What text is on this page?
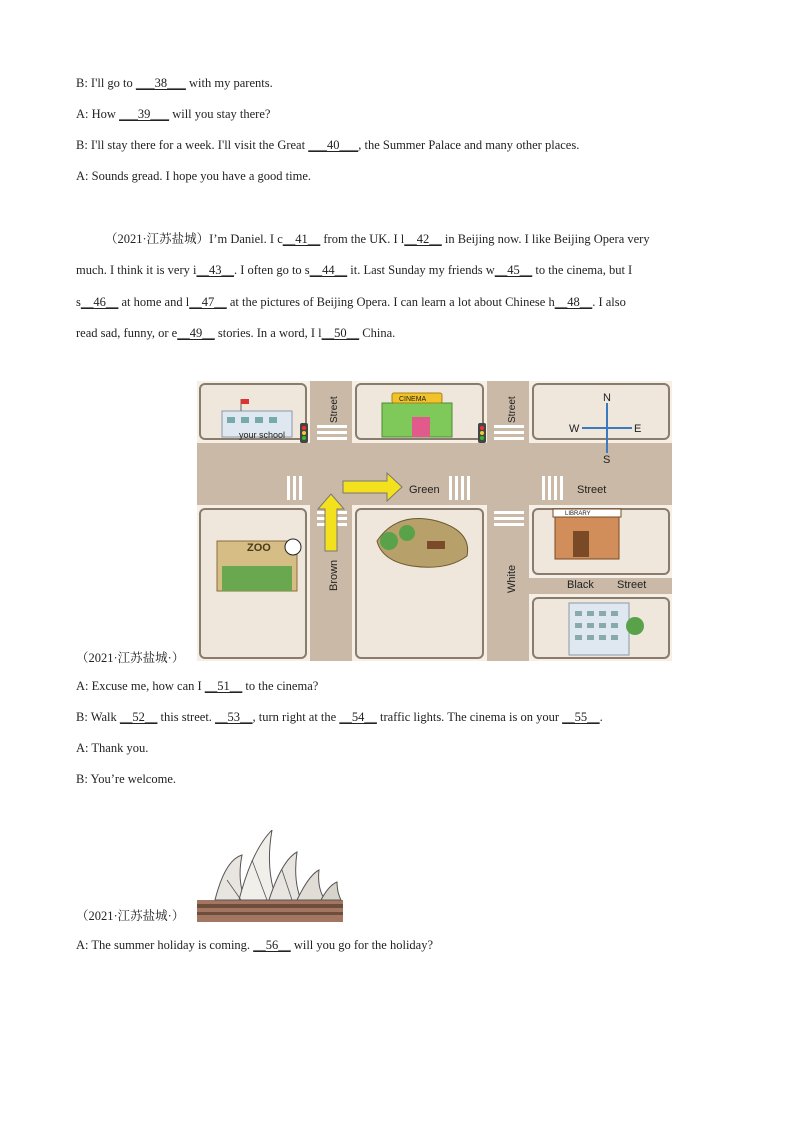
B: I'll go to ___38___ with my parents.
A: How ___39___ will you stay there?
B: I'll stay there for a week. I'll visit the Great ___40___, the Summer Palace and many other places.
A: Sounds gread. I hope you have a good time.
（2021·江苏盐城）I’m Daniel. I c__41__ from the UK. I l__42__ in Beijing now. I like Beijing Opera very
much. I think it is very i__43__. I often go to s__44__ it. Last Sunday my friends w__45__ to the cinema, but I
s__46__ at home and l__47__ at the pictures of Beijing Opera. I can learn a lot about Chinese h__48__. I also
read sad, funny, or e__49__ stories. In a word, I l__50__ China.
your school
CINEMA
LIBRARY
ZOO
Green	Street
Black Street
Street	Street
Brown	White
N
S
E
W
（2021·江苏盐城·）
A: Excuse me, how can I __51__ to the cinema?
B: Walk __52__ this street. __53__, turn right at the __54__ traffic lights. The cinema is on your __55__.
A: Thank you.
B: You’re welcome.
（2021·江苏盐城·）
A: The summer holiday is coming. __56__ will you go for the holiday?
